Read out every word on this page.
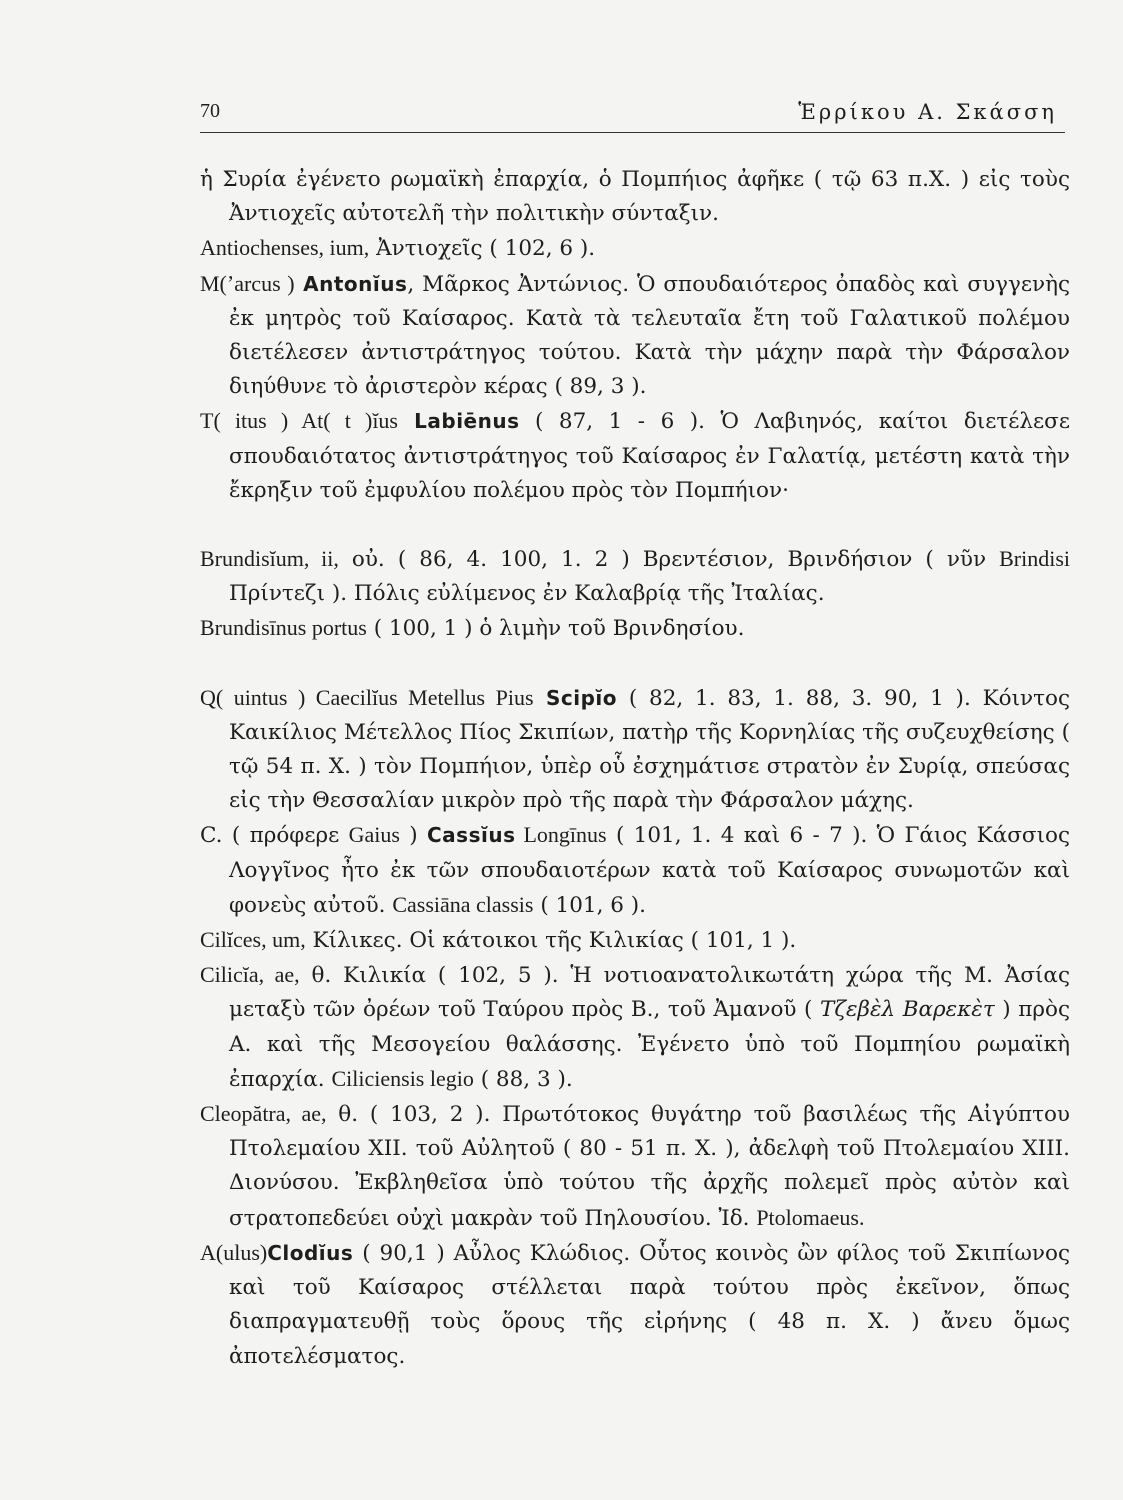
70	Ἑρρίκου Α. Σκάσση

ἡ Συρία ἐγένετο ρωμαϊκὴ ἐπαρχία, ὁ Πομπήιος ἀφῆκε ( τῷ 63 π.Χ. ) εἰς τοὺς Ἀντιοχεῖς αὐτοτελῆ τὴν πολιτικὴν σύνταξιν.

Antiochenses, ium, Ἀντιοχεῖς ( 102, 6 ).

M(ʼarcus ) Antonĭus, Μᾶρκος Ἀντώνιος. Ὁ σπουδαιότερος ὀπαδὸς καὶ συγγενὴς ἐκ μητρὸς τοῦ Καίσαρος. Κατὰ τὰ τελευταῖα ἔτη τοῦ Γαλατικοῦ πολέμου διετέλεσεν ἀντιστράτηγος τούτου. Κατὰ τὴν μάχην παρὰ τὴν Φάρσαλον διηύθυνε τὸ ἀριστερὸν κέρας ( 89, 3 ).

T( itus ) At( t )ĭus Labiēnus ( 87, 1 - 6 ). Ὁ Λαβιηνός, καίτοι διετέλεσε σπουδαιότατος ἀντιστράτηγος τοῦ Καίσαρος ἐν Γαλατίᾳ, μετέστη κατὰ τὴν ἔκρηξιν τοῦ ἐμφυλίου πολέμου πρὸς τὸν Πομπήιον·

Brundisĭum, ii, οὐ. ( 86, 4. 100, 1. 2 ) Βρεντέσιον, Βρινδήσιον ( νῦν Brindisi Πρίντεζι ). Πόλις εὐλίμενος ἐν Καλαβρίᾳ τῆς Ἰταλίας.

Brundisīnus portus ( 100, 1 ) ὁ λιμὴν τοῦ Βρινδησίου.

Q( uintus ) Caecilĭus Metellus Pius Scipĭo ( 82, 1. 83, 1. 88, 3. 90, 1 ). Κόιντος Καικίλιος Μέτελλος Πίος Σκιπίων, πατὴρ τῆς Κορνηλίας τῆς συζευχθείσης ( τῷ 54 π. Χ. ) τὸν Πομπήιον, ὑπὲρ οὗ ἐσχημάτισε στρατὸν ἐν Συρίᾳ, σπεύσας εἰς τὴν Θεσσαλίαν μικρὸν πρὸ τῆς παρὰ τὴν Φάρσαλον μάχης.

C. ( πρόφερε Gaius ) Cassĭus Longīnus ( 101, 1. 4 καὶ 6 - 7 ). Ὁ Γάιος Κάσσιος Λογγῖνος ἦτο ἐκ τῶν σπουδαιοτέρων κατὰ τοῦ Καίσαρος συνωμοτῶν καὶ φονεὺς αὐτοῦ. Cassiāna classis ( 101, 6 ).

Cilĭces, um, Κίλικες. Οἱ κάτοικοι τῆς Κιλικίας ( 101, 1 ).

Cilicĭa, ae, θ. Κιλικία ( 102, 5 ). Ἡ νοτιοανατολικωτάτη χώρα τῆς Μ. Ἀσίας μεταξὺ τῶν ὀρέων τοῦ Ταύρου πρὸς Β., τοῦ Ἀμανοῦ ( Τζεβὲλ Βαρεκὲτ ) πρὸς Α. καὶ τῆς Μεσογείου θαλάσσης. Ἐγένετο ὑπὸ τοῦ Πομπηίου ρωμαϊκὴ ἐπαρχία. Ciliciensis legio ( 88, 3 ).

Cleopătra, ae, θ. ( 103, 2 ). Πρωτότοκος θυγάτηρ τοῦ βασιλέως τῆς Αἰγύπτου Πτολεμαίου XII. τοῦ Αὐλητοῦ ( 80 - 51 π. Χ. ), ἀδελφὴ τοῦ Πτολεμαίου XIII. Διονύσου. Ἐκβληθεῖσα ὑπὸ τούτου τῆς ἀρχῆς πολεμεῖ πρὸς αὐτὸν καὶ στρατοπεδεύει οὐχὶ μακρὰν τοῦ Πηλουσίου. Ἰδ. Ptolomaeus.

A(ulus)Clodĭus ( 90,1 ) Αὖλος Κλώδιος. Οὗτος κοινὸς ὢν φίλος τοῦ Σκιπίωνος καὶ τοῦ Καίσαρος στέλλεται παρὰ τούτου πρὸς ἐκεῖνον, ὅπως διαπραγματευθῇ τοὺς ὅρους τῆς εἰρήνης ( 48 π. Χ. ) ἄνευ ὅμως ἀποτελέσματος.
